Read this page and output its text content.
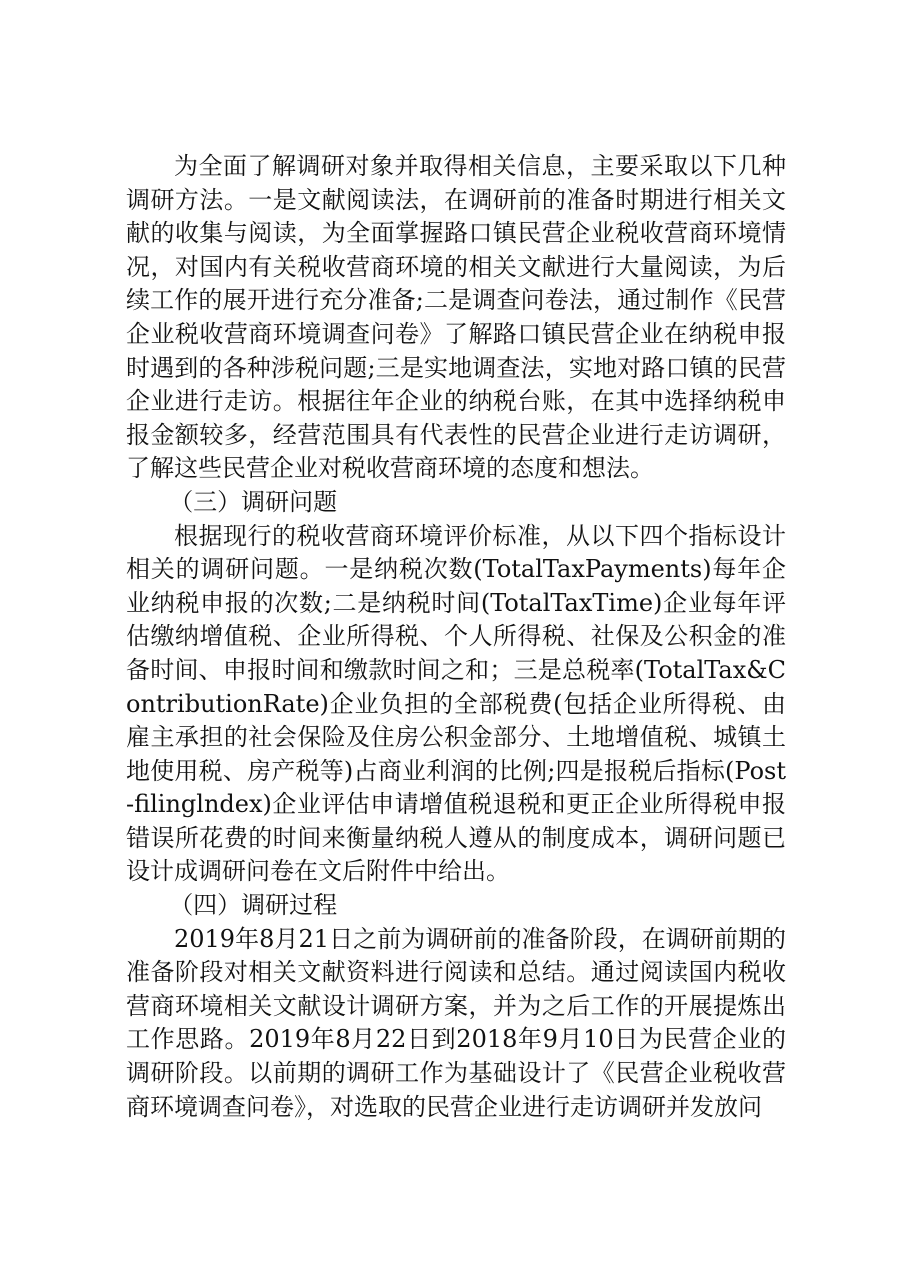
为全面了解调研对象并取得相关信息，主要采取以下几种调研方法。一是文献阅读法，在调研前的准备时期进行相关文献的收集与阅读，为全面掌握路口镇民营企业税收营商环境情况，对国内有关税收营商环境的相关文献进行大量阅读，为后续工作的展开进行充分准备;二是调查问卷法，通过制作《民营企业税收营商环境调查问卷》了解路口镇民营企业在纳税申报时遇到的各种涉税问题;三是实地调查法，实地对路口镇的民营企业进行走访。根据往年企业的纳税台账，在其中选择纳税申报金额较多，经营范围具有代表性的民营企业进行走访调研，了解这些民营企业对税收营商环境的态度和想法。

（三）调研问题

根据现行的税收营商环境评价标准，从以下四个指标设计相关的调研问题。一是纳税次数(TotalTaxPayments)每年企业纳税申报的次数;二是纳税时间(TotalTaxTime)企业每年评估缴纳增值税、企业所得税、个人所得税、社保及公积金的准备时间、申报时间和缴款时间之和；三是总税率(TotalTax&ContributionRate)企业负担的全部税费(包括企业所得税、由雇主承担的社会保险及住房公积金部分、土地增值税、城镇土地使用税、房产税等)占商业利润的比例;四是报税后指标(Post-filinglndex)企业评估申请增值税退税和更正企业所得税申报错误所花费的时间来衡量纳税人遵从的制度成本，调研问题已设计成调研问卷在文后附件中给出。

（四）调研过程

2019年8月21日之前为调研前的准备阶段，在调研前期的准备阶段对相关文献资料进行阅读和总结。通过阅读国内税收营商环境相关文献设计调研方案，并为之后工作的开展提炼出工作思路。2019年8月22日到2018年9月10日为民营企业的调研阶段。以前期的调研工作为基础设计了《民营企业税收营商环境调查问卷》，对选取的民营企业进行走访调研并发放问
